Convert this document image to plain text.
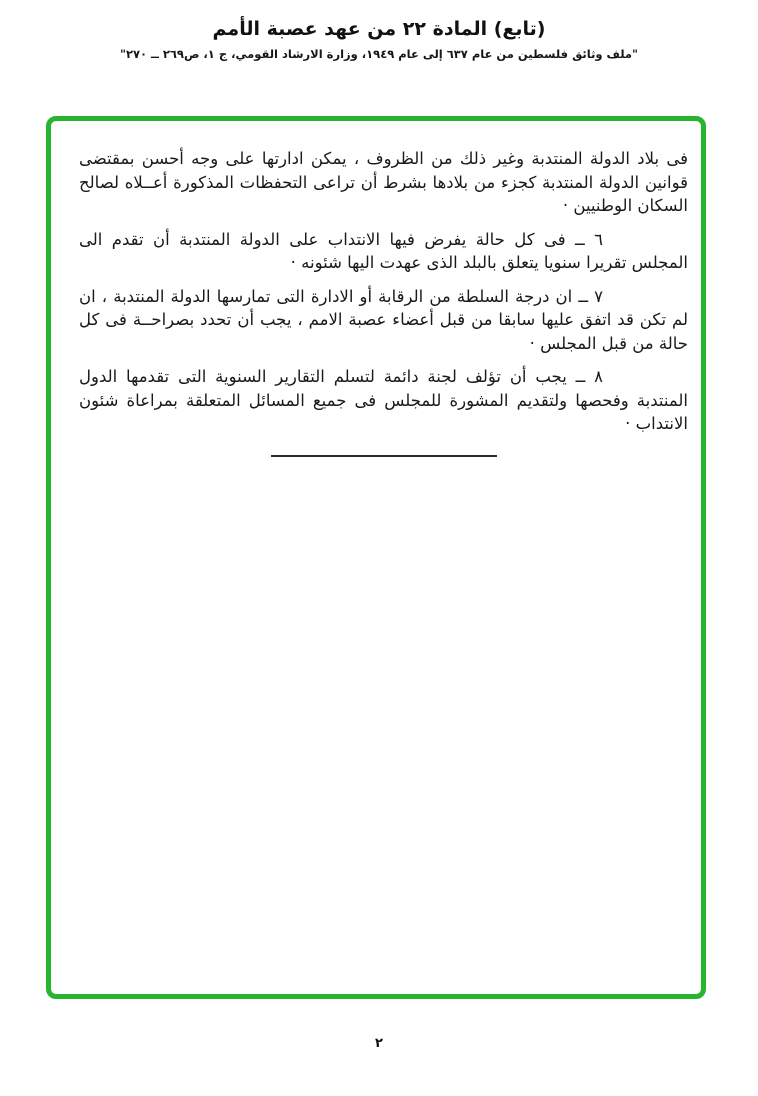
(تابع) المادة ٢٢ من عهد عصبة الأمم
"ملف وثائق فلسطين من عام ٦٣٧ إلى عام ١٩٤٩، وزارة الارشاد القومي، ج ١، ص٢٦٩ ــ ٢٧٠"

فى بلاد الدولة المنتدبة وغير ذلك من الظروف ، يمكن ادارتها على وجه أحسن بمقتضى قوانين الدولة المنتدبة كجزء من بلادها بشرط أن تراعى التحفظات المذكورة أعــلاه لصالح السكان الوطنيين ·

٦ ــ فى كل حالة يفرض فيها الانتداب على الدولة المنتدبة أن تقدم الى المجلس تقريرا سنويا يتعلق بالبلد الذى عهدت اليها شئونه ·

٧ ــ ان درجة السلطة من الرقابة أو الادارة التى تمارسها الدولة المنتدبة ، ان لم تكن قد اتفق عليها سابقا من قبل أعضاء عصبة الامم ، يجب أن تحدد بصراحــة فى كل حالة من قبل المجلس ·

٨ ــ يجب أن تؤلف لجنة دائمة لتسلم التقارير السنوية التى تقدمها الدول المنتدبة وفحصها ولتقديم المشورة للمجلس فى جميع المسائل المتعلقة بمراعاة شئون الانتداب ·

٢
